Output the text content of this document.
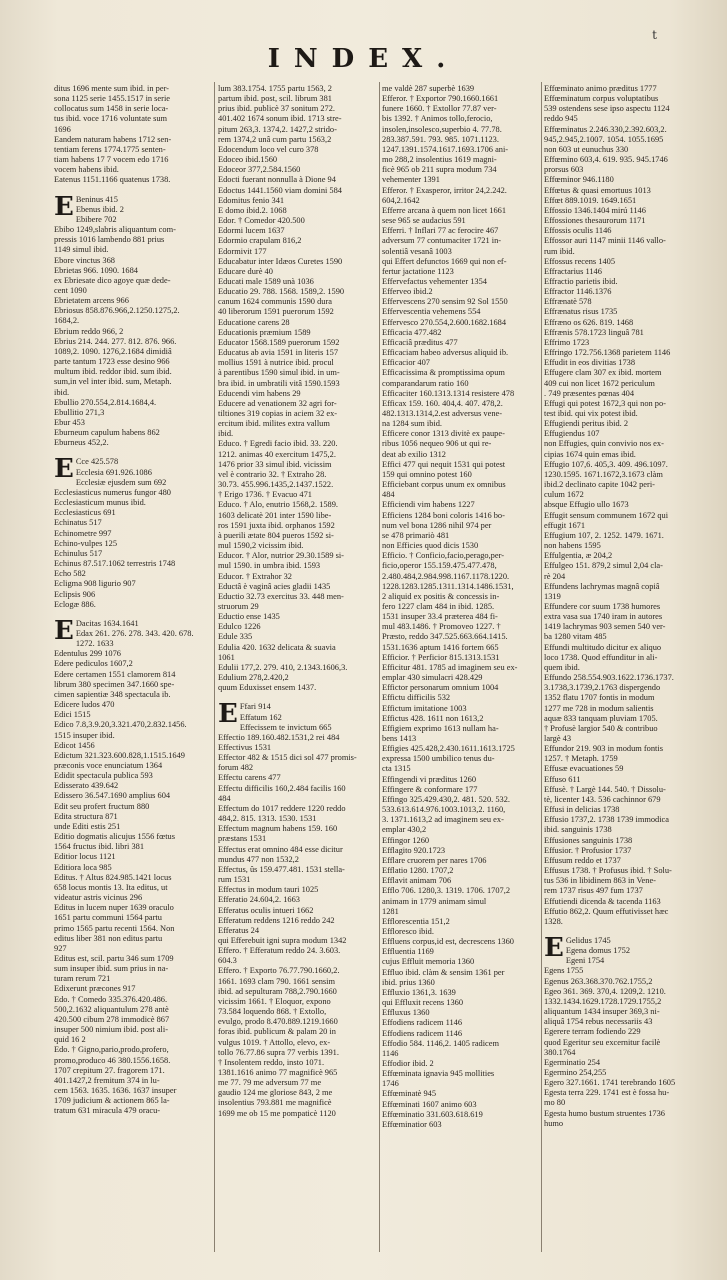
INDEX.
t
ditus 1696 mente sum ibid. in per-
sona 1125 serie 1455.1517 in serie
collocatus sum 1458 in serie loca-
tus ibid. voce 1716 voluntate sum
1696
Eandem naturam habens 1712 sen-
tentiam ferens 1774.1775 senten-
tiam habens 17 7 vocem edo 1716
vocem habens ibid.
Eatenus 1151.1166 quatenus 1738.
E Beninus 415
Ebenus ibid. 2
Ebibere 702
Ebibo 1249,slabris aliquantum com-
pressis 1016 lambendo 881 prius
1149 simul ibid.
Ebore vinctus 368
Ebrietas 966. 1090. 1684
ex Ebriesate dico agoye quæ dede-
cent 1090
Ebrietatem arcens 966
Ebriosus 858.876.966,2.1250.1275,2.
1684,2.
Ebrium reddo 966, 2
Ebrius 214. 244. 277. 812. 876. 966.
1089,2. 1090. 1276,2.1684 dimidiâ
parte tantum 1723 esse desino 966
multum ibid. reddor ibid. sum ibid.
sum,in vel inter ibid. sum, Metaph.
ibid.
Ebullio 270.554,2.814.1684,4.
Ebullitio 271,3
Ebur 453
Eburneum capulum habens 862
Eburneus 452,2.
E Cce 425.578
Ecclesia 691.926.1086
Ecclesiæ ejusdem sum 692
Ecclesiasticus numerus fungor 480
Ecclesiasticum munus ibid.
Ecclesiasticus 691
Echinatus 517
Echinometre 997
Echino-vulpes 125
Echinulus 517
Echinus 87.517.1062 terrestris 1748
Echo 582
Ecligma 908 ligurio 907
Eclipsis 906
Eclogæ 886.
E Dacitas 1634.1641
Edax 261. 276. 278. 343. 420. 678.
1272. 1633
Edentulus 299 1076
Edere pediculos 1607,2
Edere certamen 1551 clamorem 814
librum 380 specimen 347.1660 spe-
cimen sapientiæ 348 spectacula ib.
Edicere ludos 470
Edici 1515
Edico 7.8,3.9.20,3.321.470,2.832.1456.
1515 insuper ibid.
Edicot 1456
Edictum 321.323.600.828,1.1515.1649
præconis voce enunciatum 1364
Edidit spectacula publica 593
Edisserato 439.642
Edissero 36.547.1690 amplius 604
Edit seu profert fructum 880
Edita structura 871
unde Editi estis 251
Editio dogmatis alicujus 1556 fœtus
1564 fructus ibid. libri 381
Editior locus 1121
Editiora loca 985
Editus. † Altus 824.985.1421 locus
658 locus montis 13. Ita editus, ut
videatur astris vicinus 296
Editus in lucem nuper 1639 oraculo
1651 partu communi 1564 partu
primo 1565 partu recenti 1564. Non
editus liber 381 non editus partu
927
Editus est, scil. partu 346 sum 1709
sum insuper ibid. sum prius in na-
turam rerum 721
Edixerunt præcones 917
Edo. † Comedo 335.376.420.486.
500,2.1632 aliquantulum 278 antè
420.500 cibum 278 immodicè 867
insuper 500 nimium ibid. post ali-
quid 16 2
Edo. † Gigno,pario,prodo,profero,
promo,produco 46 380.1556.1658.
1707 crepitum 27. fragorem 171.
401.1427,2 fremitum 374 in lu-
cem 1563. 1635. 1636. 1637 insuper
1709 judicium & actionem 865 la-
tratum 631 miracula 479 oracu-
lum 383.1754. 1755 partu 1563, 2
partum ibid. post, scil. librum 381
prius ibid. publicè 37 sonitum 272.
401.402 1674 sonum ibid. 1713 stre-
pitum 263,3. 1374,2. 1427,2 strido-
rem 1374,2 unâ cum partu 1563,2
Edocendum loco vel curo 378
Edoceo ibid.1560
Edoceor 377,2.584.1560
Edocti fuerant nonnulla à Dione 94
Edoctus 1441.1560 viam domini 584
Edomitus fenio 341
E domo ibid.2. 1068
Edor. † Comedor 420.500
Edormi lucem 1637
Edormio crapulam 816,2
Edormivit 177
Educabatur inter Idæos Curetes 1590
Educare durè 40
Educati male 1589 unà 1036
Educatio 29. 788. 1568. 1589,2. 1590
canum 1624 communis 1590 dura
40 liberorum 1591 puerorum 1592
Educatione carens 28
Educationis præmium 1589
Educator 1568.1589 puerorum 1592
Educatus ab avia 1591 in literis 157
mollius 1591 à nutrice ibid. procul
à parentibus 1590 simul ibid. in um-
bra ibid. in umbratili vitâ 1590.1593
Educendi vim habens 29
Educere ad venationem 32 agri for-
tiltiones 319 copias in aciem 32 ex-
ercitum ibid. milites extra vallum
ibid.
Educo. † Egredi facio ibid. 33. 220.
1212. animas 40 exercitum 1475,2.
1476 prior 33 simul ibid. vicissim
vel è contrario 32. † Extraho 28.
30.73. 455.996.1435,2.1437.1522.
† Erigo 1736. † Evacuo 471
Educo. † Alo, enutrio 1568,2. 1589.
1603 delicatè 201 inter 1590 libe-
ros 1591 juxta ibid. orphanos 1592
à puerili ætate 804 pueros 1592 si-
mul 1590,2 vicissim ibid.
Educor. † Alor, nutrior 29.30.1589 si-
mul 1590. in umbra ibid. 1593
Educor. † Extrahor 32
Eductâ è vaginâ acies gladii 1435
Eductio 32.73 exercitus 33. 448 men-
struorum 29
Eductio ense 1435
Edulco 1226
Edule 335
Edulia 420. 1632 delicata & suavia
1061
Edulii 177,2. 279. 410, 2.1343.1606,3.
Edulium 278,2.420,2
quum Eduxisset ensem 1437.
E Ffari 914
Effatum 162
Effecissem te invictum 665
Effectio 189.160.482.1531,2 rei 484
Effectivus 1531
Effector 482 & 1515 dici sol 477 promis-
forum 482
Effectu carens 477
Effectu difficilis 160,2.484 facilis 160
484
Effectum do 1017 reddere 1220 reddo
484,2. 815. 1313. 1530. 1531
Effectum magnum habens 159. 160
præstans 1531
Effectus erat omnino 484 esse dicitur
mundus 477 non 1532,2
Effectus, ûs 159.477.481. 1531 stella-
rum 1531
Effectus in modum tauri 1025
Efferatio 24.604,2. 1663
Efferatus oculis intueri 1662
Efferatum reddens 1216 reddo 242
Efferatus 24
qui Efferebuit igni supra modum 1342
Effero. † Efferatum reddo 24. 3.603.
604.3
Effero. † Exporto 76.77.790.1660,2.
1661. 1693 clam 790. 1661 sensim
ibid. ad sepulturam 788,2.790.1660
vicissim 1661. † Eloquor, expono
73.584 loquendo 868. † Extollo,
evulgo, prodo 8.470.889.1219.1660
foras ibid. publicum & palam 20 in
vulgus 1019. † Attollo, elevo, ex-
tollo 76.77.86 supra 77 verbis 1391.
† Insolentem reddo, insto 1071.
1381.1616 animo 77 magnificè 965
me 77. 79 me adversum 77 me
gaudio 124 me gloriose 843, 2 me
insolentius 793.881 me magnificè
1699 me ob 15 me pompaticè 1120
me valdè 287 superbè 1639
Efferor. † Exportor 790.1660.1661
funere 1660. † Extollor 77.87 ver-
bis 1392. † Animos tollo,ferocio,
insolen,insolesco,superbio 4. 77.78.
283.387.591. 793. 985. 1071.1123.
1247.1391.1574.1617.1693.1706 ani-
mo 288,2 insolentius 1619 magni-
ficè 965 ob 211 supra modum 734
vehementer 1391
Efferor. † Exasperor, irritor 24,2.242.
604,2.1642
Efferre arcana à quem non licet 1661
sese 965 se audacius 591
Efferri. † Inflari 77 ac ferocire 467
adversum 77 contumaciter 1721 in-
solentiâ vesanâ 1003
qui Effert defunctos 1669 qui non ef-
fertur jactatione 1123
Effervefactus vehementer 1354
Efferveo ibid.2
Effervescens 270 sensim 92 Sol 1550
Effervescentia vehemens 554
Effervesco 270.554,2.600.1682.1684
Efficacia 477.482
Efficaciâ præditus 477
Efficaciam habeo adversus aliquid ib.
Efficacior 407
Efficacissima & promptissima opum
comparandarum ratio 160
Efficaciter 160.1313.1314 resistere 478
Efficax 159. 160. 404,4. 407. 478,2.
482.1313.1314,2.est adversus vene-
na 1284 sum ibid.
Efficere conor 1313 divitè ex paupe-
ribus 1056 nequeo 906 ut qui re-
deat ab exilio 1312
Effici 477 qui nequit 1531 qui potest
159 qui omnino potest 160
Efficiebant corpus unum ex omnibus
484
Efficiendi vim habens 1227
Efficiens 1284 boni coloris 1416 bo-
num vel bona 1286 nihil 974 per
se 478 primariò 481
non Efficies quod dicis 1530
Efficio. † Conficio,facio,perago,per-
ficio,operor 155.159.475.477.478,
2.480.484,2.984.998.1167.1178.1220.
1228.1283.1285.1311.1314.1486.1531,
2 aliquid ex positis & concessis in-
fero 1227 clam 484 in ibid. 1285.
1531 insuper 33.4 præterea 484 fi-
mul 483.1486. † Promoveo 1227. †
Præsto, reddo 347.525.663.664.1415.
1531.1636 aptum 1416 fortem 665
Efficior. † Perficior 815.1313.1531
Efficitur 481. 1785 ad imaginem seu ex-
emplar 430 simulacri 428.429
Effictor personarum omnium 1004
Effictu difficilis 532
Effictum imitatione 1003
Effictus 428. 1611 non 1613,2
Effigiem exprimo 1613 nullam ha-
bens 1413
Effigies 425.428,2.430.1611.1613.1725
expressa 1500 umbilico tenus du-
cta 1315
Effingendi vi præditus 1260
Effingere & conformare 177
Effingo 325.429.430,2. 481. 520. 532.
533.613.614.976.1003.1013,2. 1160,
3. 1371.1613,2 ad imaginem seu ex-
emplar 430,2
Effingor 1260
Efflagito 920.1723
Efflare cruorem per nares 1706
Efflatio 1280. 1707,2
Efflavit animam 706
Efflo 706. 1280,3. 1319. 1706. 1707,2
animam in 1779 animam simul
1281
Efflorescentia 151,2
Effloresco ibid.
Effluens corpus,id est, decrescens 1360
Effluentia 1169
cujus Effluit memoria 1360
Effluo ibid. clàm & sensim 1361 per
ibid. prius 1360
Effluxio 1361,3. 1639
qui Effluxit recens 1360
Effluxus 1360
Effodiens radicem 1146
Effodiens radicem 1146
Effodio 584. 1146,2. 1405 radicem
1146
Effodior ibid. 2
Effœminata ignavia 945 mollities
1746
Effœminatè 945
Effœminati 1607 animo 603
Effœminatio 331.603.618.619
Effœminatior 603
Effœminato animo præditus 1777
Effœminatum corpus voluptatibus
539 ostendens sese ipso aspectu 1124
reddo 945
Effœminatus 2.246.330,2.392.603,2.
945,2.945,2.1007. 1054. 1055.1695
non 603 ut eunuchus 330
Effœmino 603,4. 619. 935. 945.1746
prorsus 603
Effœminor 946.1180
Effœtus & quasi emortuus 1013
Effœt 889.1019. 1649.1651
Effossio 1346.1404 mirú 1146
Effossiones thesaurorum 1171
Effossis oculis 1146
Effossor auri 1147 minii 1146 vallo-
rum ibid.
Effossus recens 1405
Effractarius 1146
Effractio parietis ibid.
Effractor 1146.1376
Effrænatè 578
Effrænatus risus 1735
Effræno os 626. 819. 1468
Effrænis 578.1723 linguâ 781
Effrimo 1723
Effringo 172.756.1368 parietem 1146
Effudit in eos divitias 1738
Effugere clam 307 ex ibid. mortem
409 cui non licet 1672 periculum
. 749 præsentes pœnas 404
Effugi qui potest 1672,3 qui non po-
test ibid. qui vix potest ibid.
Effugiendi peritus ibid. 2
Effugiendus 107
non Effugies, quin convivio nos ex-
cipias 1674 quin emas ibid.
Effugio 107,6. 405,3. 409. 496.1097.
1230.1595. 1671.1672,3.1673 clàm
ibid.2 declinato capite 1042 peri-
culum 1672
absque Effugio ullo 1673
Effugit sensum communem 1672 qui
effugit 1671
Effugium 107, 2. 1252. 1479. 1671.
non habens 1595
Effulgentia, æ 204,2
Effulgeo 151. 879,2 simul 2,04 cla-
rè 204
Effundens lachrymas magnâ copiâ
1319
Effundere cor suum 1738 humores
extra vasa sua 1740 iram in autores
1419 lachrymas 903 semen 540 ver-
ba 1280 vitam 485
Effundi multitudo dicitur ex aliquo
loco 1738. Quod effunditur in ali-
quem ibid.
Effundo 258.554.903.1622.1736.1737.
3.1738,3.1739,2.1763 dispergendo
1352 flatu 1707 fontis in modum
1277 me 728 in modum salientis
aquæ 833 tanquam pluviam 1705.
† Profusè largior 540 & contribuo
largè 43
Effundor 219. 903 in modum fontis
1257. † Metaph. 1759
Effusæ evacuationes 59
Effuso 611
Effusè. † Largè 144. 540. † Dissolu-
tè, licenter 143. 536 cachinnor 679
Effusi in delicias 1738
Effusio 1737,2. 1738 1739 immodica
ibid. sanguinis 1738
Effusiones sanguinis 1738
Effusior. † Profusior 1737
Effusum reddo et 1737
Effusus 1738. † Profusus ibid. † Solu-
tus 536 in libidinem 863 in Vene-
rem 1737 risus 497 fum 1737
Effutiendi dicenda & tacenda 1163
Effutio 862,2. Quum effutivisset hæc
1328.
E Gelidus 1745
Egena domus 1752
Egeni 1754
Egens 1755
Egenus 263.368.370.762.1755,2
Egeo 361. 369. 370,4. 1209,2. 1210.
1332.1434.1629.1728.1729.1755,2
aliquantum 1434 insuper 369,3 ni-
aliquâ 1754 rebus necessariis 43
Egerere terram fodiendo 229
quod Egeritur seu excernitur facilè
380.1764
Egerminatio 254
Egermino 254,255
Egero 327.1661. 1741 terebrando 1605
Egesta terra 229. 1741 est è fossa hu-
mo 80
Egesta humo bustum struentes 1736
humo
